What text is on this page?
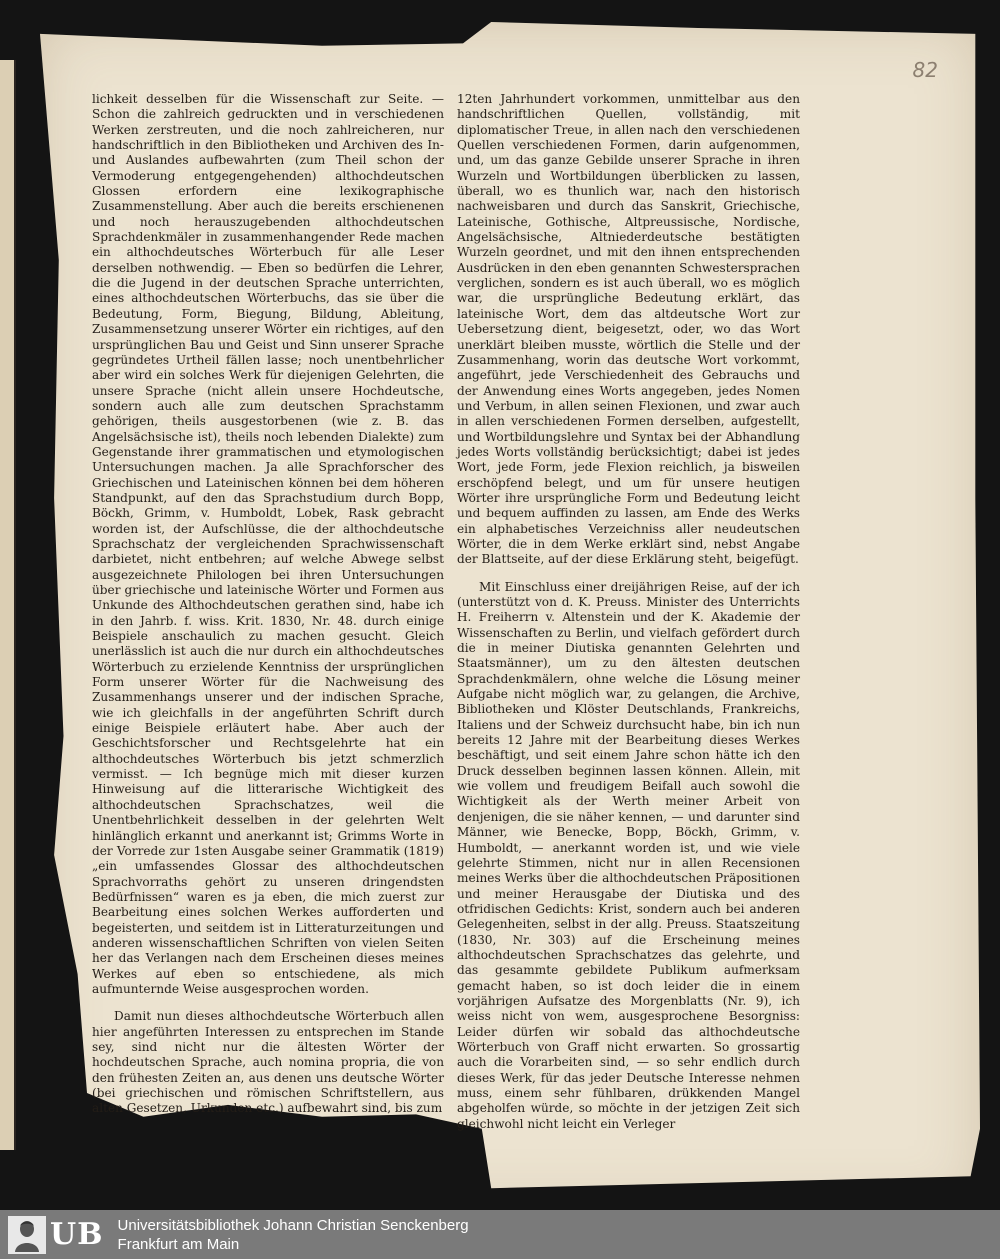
82

lichkeit desselben für die Wissenschaft zur Seite. — Schon die zahlreich gedruckten und in verschiedenen Werken zerstreuten, und die noch zahlreicheren, nur handschriftlich in den Bibliotheken und Archiven des In- und Auslandes aufbewahrten (zum Theil schon der Vermoderung entgegengehenden) althochdeutschen Glossen erfordern eine lexikographische Zusammenstellung. Aber auch die bereits erschienenen und noch herauszugebenden althochdeutschen Sprachdenkmäler in zusammenhangender Rede machen ein althochdeutsches Wörterbuch für alle Leser derselben nothwendig. — Eben so bedürfen die Lehrer, die die Jugend in der deutschen Sprache unterrichten, eines althochdeutschen Wörterbuchs, das sie über die Bedeutung, Form, Biegung, Bildung, Ableitung, Zusammensetzung unserer Wörter ein richtiges, auf den ursprünglichen Bau und Geist und Sinn unserer Sprache gegründetes Urtheil fällen lasse; noch unentbehrlicher aber wird ein solches Werk für diejenigen Gelehrten, die unsere Sprache (nicht allein unsere Hochdeutsche, sondern auch alle zum deutschen Sprachstamm gehörigen, theils ausgestorbenen (wie z. B. das Angelsächsische ist), theils noch lebenden Dialekte) zum Gegenstande ihrer grammatischen und etymologischen Untersuchungen machen. Ja alle Sprachforscher des Griechischen und Lateinischen können bei dem höheren Standpunkt, auf den das Sprachstudium durch Bopp, Böckh, Grimm, v. Humboldt, Lobek, Rask gebracht worden ist, der Aufschlüsse, die der althochdeutsche Sprachschatz der vergleichenden Sprachwissenschaft darbietet, nicht entbehren; auf welche Abwege selbst ausgezeichnete Philologen bei ihren Untersuchungen über griechische und lateinische Wörter und Formen aus Unkunde des Althochdeutschen gerathen sind, habe ich in den Jahrb. f. wiss. Krit. 1830, Nr. 48. durch einige Beispiele anschaulich zu machen gesucht. Gleich unerlässlich ist auch die nur durch ein althochdeutsches Wörterbuch zu erzielende Kenntniss der ursprünglichen Form unserer Wörter für die Nachweisung des Zusammenhangs unserer und der indischen Sprache, wie ich gleichfalls in der angeführten Schrift durch einige Beispiele erläutert habe. Aber auch der Geschichtsforscher und Rechtsgelehrte hat ein althochdeutsches Wörterbuch bis jetzt schmerzlich vermisst. — Ich begnüge mich mit dieser kurzen Hinweisung auf die litterarische Wichtigkeit des althochdeutschen Sprachschatzes, weil die Unentbehrlichkeit desselben in der gelehrten Welt hinlänglich erkannt und anerkannt ist; Grimms Worte in der Vorrede zur 1sten Ausgabe seiner Grammatik (1819) „ein umfassendes Glossar des althochdeutschen Sprachvorraths gehört zu unseren dringendsten Bedürfnissen“ waren es ja eben, die mich zuerst zur Bearbeitung eines solchen Werkes aufforderten und begeisterten, und seitdem ist in Litteraturzeitungen und anderen wissenschaftlichen Schriften von vielen Seiten her das Verlangen nach dem Erscheinen dieses meines Werkes auf eben so entschiedene, als mich aufmunternde Weise ausgesprochen worden.

Damit nun dieses althochdeutsche Wörterbuch allen hier angeführten Interessen zu entsprechen im Stande sey, sind nicht nur die ältesten Wörter der hochdeutschen Sprache, auch nomina propria, die von den frühesten Zeiten an, aus denen uns deutsche Wörter (bei griechischen und römischen Schriftstellern, aus alten Gesetzen, Urkunden etc.) aufbewahrt sind, bis zum

12ten Jahrhundert vorkommen, unmittelbar aus den handschriftlichen Quellen, vollständig, mit diplomatischer Treue, in allen nach den verschiedenen Quellen verschiedenen Formen, darin aufgenommen, und, um das ganze Gebilde unserer Sprache in ihren Wurzeln und Wortbildungen überblicken zu lassen, überall, wo es thunlich war, nach den historisch nachweisbaren und durch das Sanskrit, Griechische, Lateinische, Gothische, Altpreussische, Nordische, Angelsächsische, Altniederdeutsche bestätigten Wurzeln geordnet, und mit den ihnen entsprechenden Ausdrücken in den eben genannten Schwestersprachen verglichen, sondern es ist auch überall, wo es möglich war, die ursprüngliche Bedeutung erklärt, das lateinische Wort, dem das altdeutsche Wort zur Uebersetzung dient, beigesetzt, oder, wo das Wort unerklärt bleiben musste, wörtlich die Stelle und der Zusammenhang, worin das deutsche Wort vorkommt, angeführt, jede Verschiedenheit des Gebrauchs und der Anwendung eines Worts angegeben, jedes Nomen und Verbum, in allen seinen Flexionen, und zwar auch in allen verschiedenen Formen derselben, aufgestellt, und Wortbildungslehre und Syntax bei der Abhandlung jedes Worts vollständig berücksichtigt; dabei ist jedes Wort, jede Form, jede Flexion reichlich, ja bisweilen erschöpfend belegt, und um für unsere heutigen Wörter ihre ursprüngliche Form und Bedeutung leicht und bequem auffinden zu lassen, am Ende des Werks ein alphabetisches Verzeichniss aller neudeutschen Wörter, die in dem Werke erklärt sind, nebst Angabe der Blattseite, auf der diese Erklärung steht, beigefügt.

Mit Einschluss einer dreijährigen Reise, auf der ich (unterstützt von d. K. Preuss. Minister des Unterrichts H. Freiherrn v. Altenstein und der K. Akademie der Wissenschaften zu Berlin, und vielfach gefördert durch die in meiner Diutiska genannten Gelehrten und Staatsmänner), um zu den ältesten deutschen Sprachdenkmälern, ohne welche die Lösung meiner Aufgabe nicht möglich war, zu gelangen, die Archive, Bibliotheken und Klöster Deutschlands, Frankreichs, Italiens und der Schweiz durchsucht habe, bin ich nun bereits 12 Jahre mit der Bearbeitung dieses Werkes beschäftigt, und seit einem Jahre schon hätte ich den Druck desselben beginnen lassen können. Allein, mit wie vollem und freudigem Beifall auch sowohl die Wichtigkeit als der Werth meiner Arbeit von denjenigen, die sie näher kennen, — und darunter sind Männer, wie Benecke, Bopp, Böckh, Grimm, v. Humboldt, — anerkannt worden ist, und wie viele gelehrte Stimmen, nicht nur in allen Recensionen meines Werks über die althochdeutschen Präpositionen und meiner Herausgabe der Diutiska und des otfridischen Gedichts: Krist, sondern auch bei anderen Gelegenheiten, selbst in der allg. Preuss. Staatszeitung (1830, Nr. 303) auf die Erscheinung meines althochdeutschen Sprachschatzes das gelehrte, und das gesammte gebildete Publikum aufmerksam gemacht haben, so ist doch leider die in einem vorjährigen Aufsatze des Morgenblatts (Nr. 9), ich weiss nicht von wem, ausgesprochene Besorgniss: Leider dürfen wir sobald das althochdeutsche Wörterbuch von Graff nicht erwarten. So grossartig auch die Vorarbeiten sind, — so sehr endlich durch dieses Werk, für das jeder Deutsche Interesse nehmen muss, einem sehr fühlbaren, drükkenden Mangel abgeholfen würde, so möchte in der jetzigen Zeit sich gleichwohl nicht leicht ein Verleger

UB Universitätsbibliothek Johann Christian Senckenberg
Frankfurt am Main
